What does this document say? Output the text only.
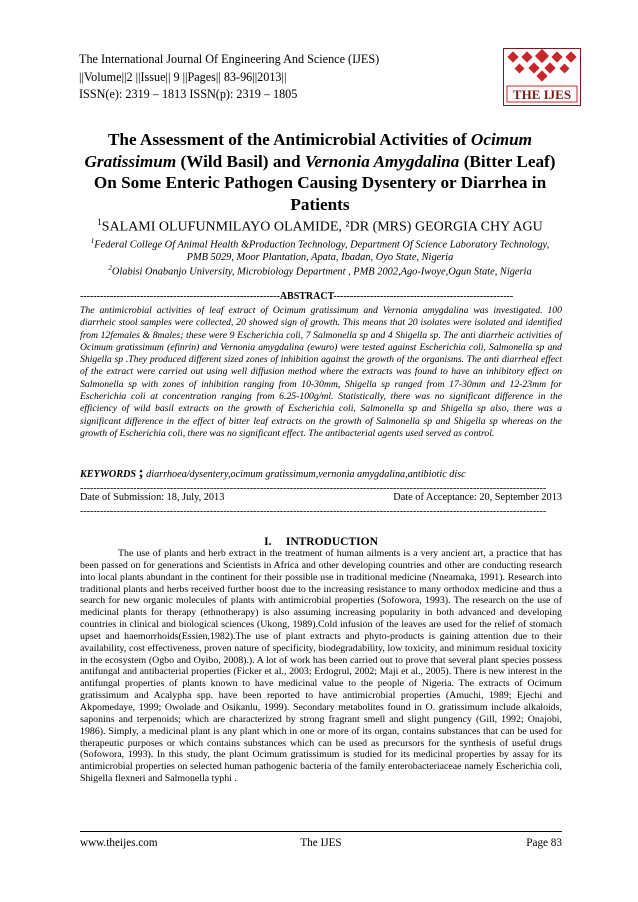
The International Journal Of Engineering And Science (IJES)
||Volume||2 ||Issue|| 9 ||Pages|| 83-96||2013||
ISSN(e): 2319 – 1813 ISSN(p): 2319 – 1805	THE IJES
The Assessment of the Antimicrobial Activities of Ocimum
Gratissimum (Wild Basil) and Vernonia Amygdalina (Bitter Leaf)
On Some Enteric Pathogen Causing Dysentery or Diarrhea in
Patients
$^1$SALAMI OLUFUNMILAYO OLAMIDE, ²DR (MRS) GEORGIA CHY AGU
$^1$Federal College Of Animal Health &Production Technology, Department Of Science Laboratory Technology,
PMB 5029, Moor Plantation, Apata, Ibadan, Oyo State, Nigeria
$^2$Olabisi Onabanjo University, Microbiology Department , PMB 2002,Ago-Iwoye,Ogun State, Nigeria
------------------------------------------------------------ABSTRACT------------------------------------------------------
The antimicrobial activities of leaf extract of Ocimum gratissimum and Vernonia amygdalina was investigated. 100 diarrheic stool samples were collected, 20 showed sign of growth. This means that 20 isolates were isolated and identified from 12females & 8males; these were 9 Escherichia coli, 7 Salmonella sp and 4 Shigella sp. The anti diarrheic activities of Ocimum gratissimum (efinrin) and Vernonia amygdalina (ewuro) were tested against Escherichia coli, Salmonella sp and Shigella sp .They produced different sized zones of inhibition against the growth of the organisms. The anti diarrheal effect of the extract were carried out using well diffusion method where the extracts was found to have an inhibitory effect on Salmonella sp with zones of inhibition ranging from 10-30mm, Shigella sp ranged from 17-30mm and 12-23mm for Escherichia coli at concentration ranging from 6.25-100g/ml. Statistically, there was no significant difference in the efficiency of wild basil extracts on the growth of Escherichia coli, Salmonella sp and Shigella sp also, there was a significant difference in the effect of bitter leaf extracts on the growth of Salmonella sp and Shigella sp whereas on the growth of Escherichia coli, there was no significant effect. The antibacterial agents used served as control.
KEYWORDS ; diarrhoea/dysentery,ocimum gratissimum,vernonia amygdalina,antibiotic disc
--------------------------------------------------------------------------------------------------------------------------------------------
Date of Submission: 18, July, 2013	Date of Acceptance: 20, September 2013
--------------------------------------------------------------------------------------------------------------------------------------------
I. INTRODUCTION

The use of plants and herb extract in the treatment of human ailments is a very ancient art, a practice that has been passed on for generations and Scientists in Africa and other developing countries and other are conducting research into local plants abundant in the continent for their possible use in traditional medicine (Nneamaka, 1991). Research into traditional plants and herbs received further boost due to the increasing resistance to many orthodox medicine and thus a search for new organic molecules of plants with antimicrobial properties (Sofowora, 1993). The research on the use of medicinal plants for therapy (ethnotherapy) is also assuming increasing popularity in both advanced and developing countries in clinical and biological sciences (Ukong, 1989).Cold infusion of the leaves are used for the relief of stomach upset and haemorrhoids(Essien,1982).The use of plant extracts and phyto-products is gaining attention due to their availability, cost effectiveness, proven nature of specificity, biodegradability, low toxicity, and minimum residual toxicity in the ecosystem (Ogbo and Oyibo, 2008).). A lot of work has been carried out to prove that several plant species possess antifungal and antibacterial properties (Ficker et al., 2003; Erdogrul, 2002; Maji et al., 2005). There is new interest in the antifungal properties of plants known to have medicinal value to the people of Nigeria. The extracts of Ocimum gratissimum and Acalypha spp. have been reported to have antimicrobial properties (Amuchi, 1989; Ejechi and Akpomedaye, 1999; Owolade and Osikanlu, 1999). Secondary metabolites found in O. gratissimum include alkaloids, saponins and terpenoids; which are characterized by strong fragrant smell and slight pungency (Gill, 1992; Onajobi, 1986). Simply, a medicinal plant is any plant which in one or more of its organ, contains substances that can be used for therapeutic purposes or which contains substances which can be used as precursors for the synthesis of useful drugs (Sofowora, 1993). In this study, the plant Ocimum gratissimum is studied for its medicinal properties by assay for its antimicrobial properties on selected human pathogenic bacteria of the family enterobacteriaceae namely Escherichia coli, Shigella flexneri and Salmonella typhi .

www.theijes.com	The IJES	Page 83
